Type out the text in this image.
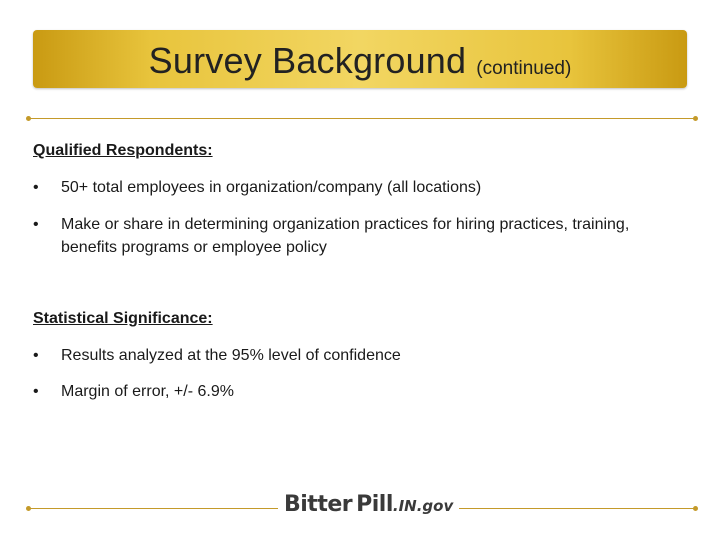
Survey Background (continued)
Qualified Respondents:
•	50+ total employees in organization/company (all locations)
•	Make or share in determining organization practices for hiring practices, training, benefits programs or employee policy
Statistical Significance:
•	Results analyzed at the 95% level of confidence
•	Margin of error, +/- 6.9%
Bitter Pill .IN.gov
